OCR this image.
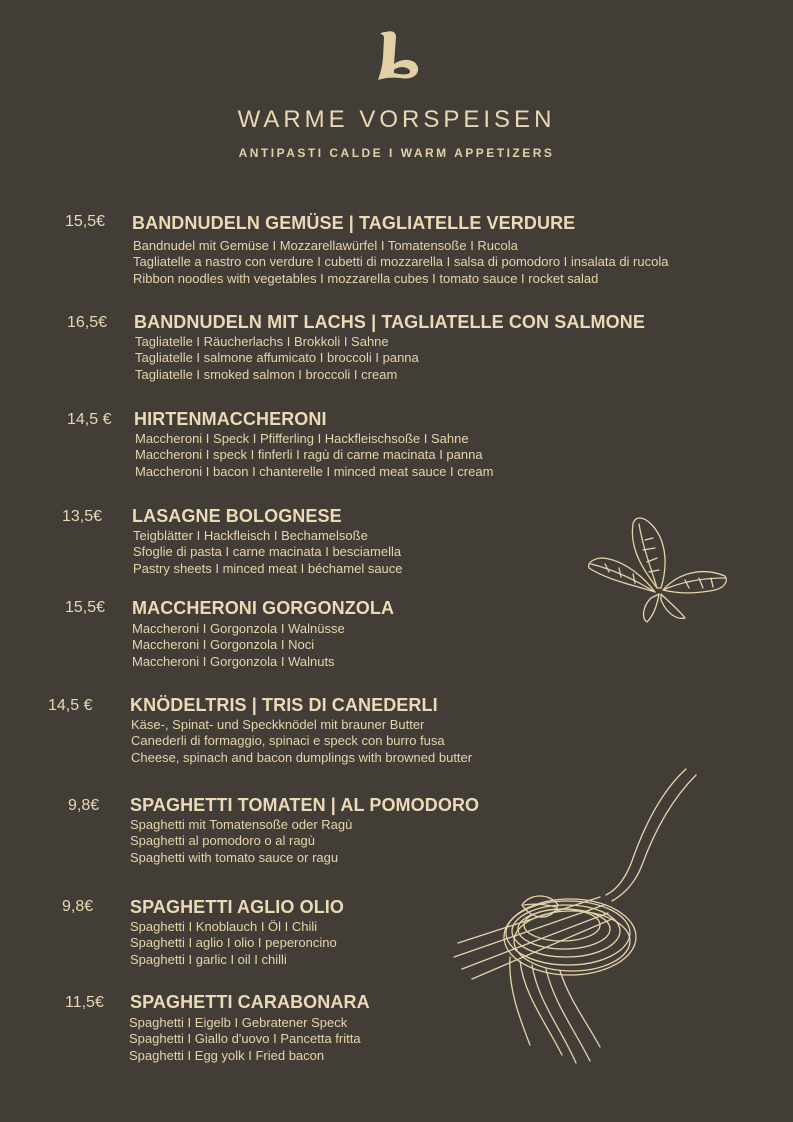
WARME VORSPEISEN
ANTIPASTI CALDE I WARM APPETIZERS
15,5€ BANDNUDELN GEMÜSE | TAGLIATELLE VERDURE
Bandnudel mit Gemüse I Mozzarellawürfel I Tomatensoße I Rucola
Tagliatelle a nastro con verdure I cubetti di mozzarella I salsa di pomodoro I insalata di rucola
Ribbon noodles with vegetables I mozzarella cubes I tomato sauce I rocket salad
16,5€ BANDNUDELN MIT LACHS | TAGLIATELLE CON SALMONE
Tagliatelle I Räucherlachs I Brokkoli I Sahne
Tagliatelle I salmone affumicato I broccoli I panna
Tagliatelle I smoked salmon I broccoli I cream
14,5 € HIRTENMACCHERONI
Maccheroni I Speck I Pfifferling I Hackfleischsoße I Sahne
Maccheroni I speck I finferli I ragù di carne macinata I panna
Maccheroni I bacon I chanterelle I minced meat sauce I cream
13,5€ LASAGNE BOLOGNESE
Teigblätter I Hackfleisch I Bechamelsoße
Sfoglie di pasta I carne macinata I besciamella
Pastry sheets I minced meat I béchamel sauce
15,5€ MACCHERONI GORGONZOLA
Maccheroni I Gorgonzola I Walnüsse
Maccheroni I Gorgonzola I Noci
Maccheroni I Gorgonzola I Walnuts
14,5 € KNÖDELTRIS | TRIS DI CANEDERLI
Käse-, Spinat- und Speckknödel mit brauner Butter
Canederli di formaggio, spinaci e speck con burro fusa
Cheese, spinach and bacon dumplings with browned butter
9,8€ SPAGHETTI TOMATEN | AL POMODORO
Spaghetti mit Tomatensoße oder Ragù
Spaghetti al pomodoro o al ragù
Spaghetti with tomato sauce or ragu
9,8€ SPAGHETTI AGLIO OLIO
Spaghetti I Knoblauch I Öl I Chili
Spaghetti I aglio I olio I peperoncino
Spaghetti I garlic I oil I chilli
11,5€ SPAGHETTI CARABONARA
Spaghetti I Eigelb I Gebratener Speck
Spaghetti I Giallo d'uovo I Pancetta fritta
Spaghetti I Egg yolk I Fried bacon
